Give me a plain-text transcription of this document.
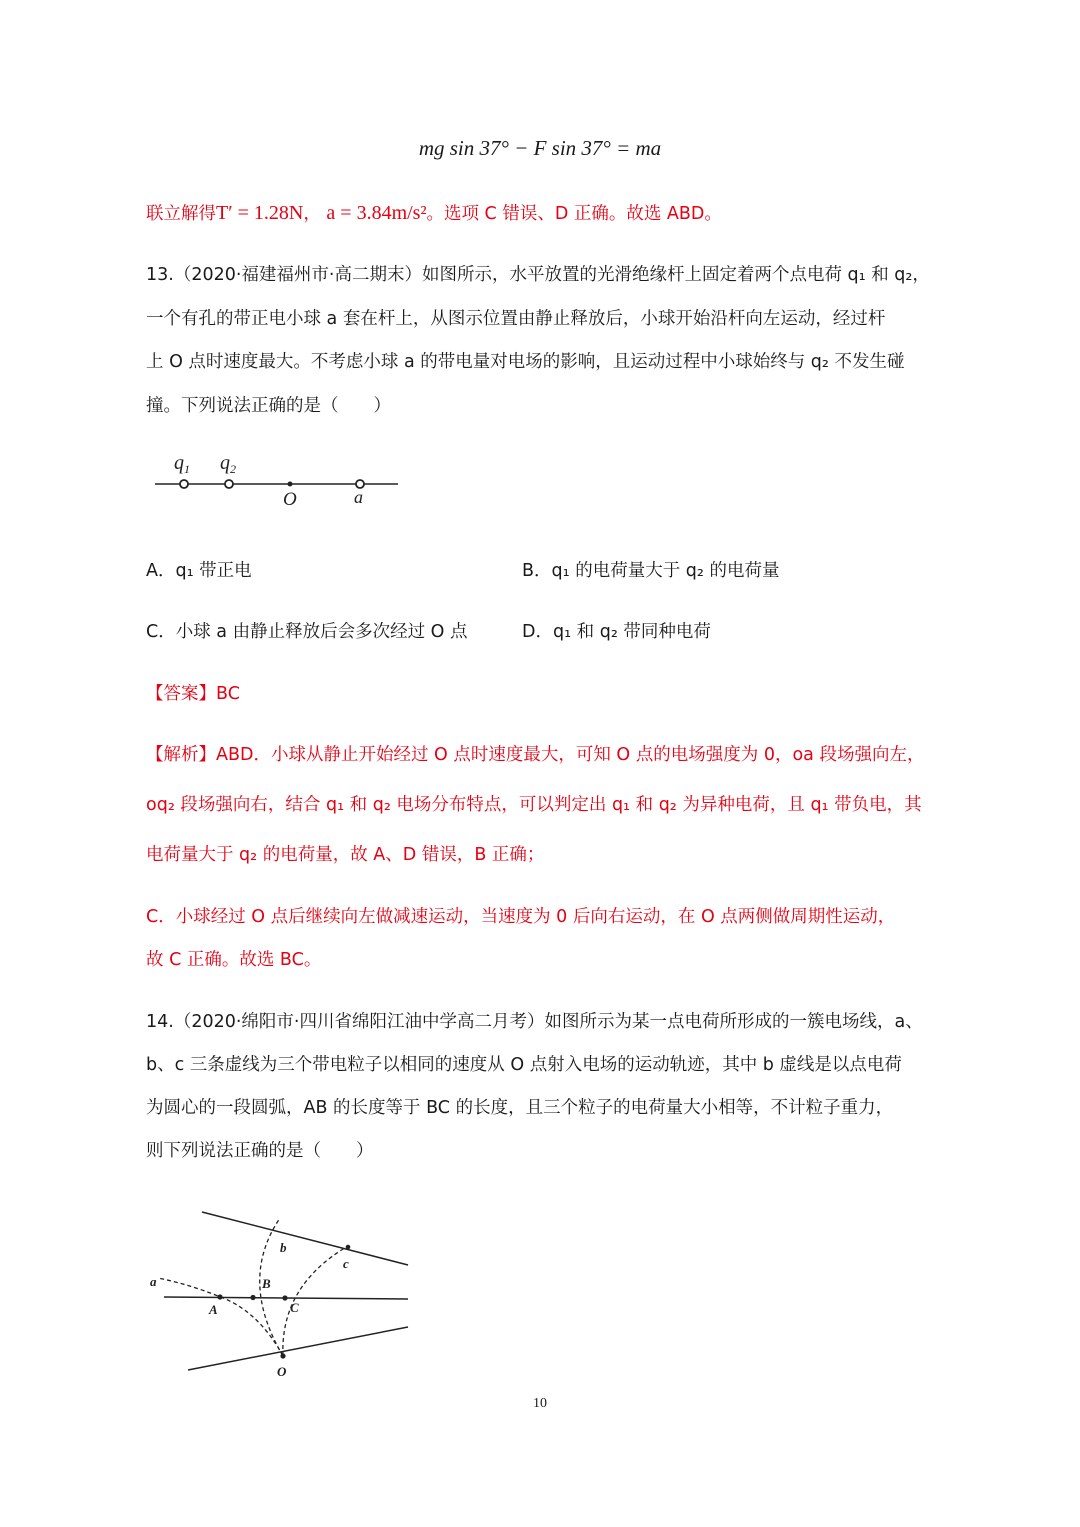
mg sin 37° − F sin 37° = ma
联立解得T′ = 1.28N， a = 3.84m/s²。选项 C 错误、D 正确。故选 ABD。
13.（2020·福建福州市·高二期末）如图所示，水平放置的光滑绝缘杆上固定着两个点电荷 q₁ 和 q₂，
一个有孔的带正电小球 a 套在杆上，从图示位置由静止释放后，小球开始沿杆向左运动，经过杆
上 O 点时速度最大。不考虑小球 a 的带电量对电场的影响，且运动过程中小球始终与 q₂ 不发生碰
撞。下列说法正确的是（　　）
$q_1$ $q_2$
O	a
A．q₁ 带正电	B．q₁ 的电荷量大于 q₂ 的电荷量
C．小球 a 由静止释放后会多次经过 O 点	D．q₁ 和 q₂ 带同种电荷
【答案】BC
【解析】ABD．小球从静止开始经过 O 点时速度最大，可知 O 点的电场强度为 0，oa 段场强向左，
oq₂ 段场强向右，结合 q₁ 和 q₂ 电场分布特点，可以判定出 q₁ 和 q₂ 为异种电荷，且 q₁ 带负电，其
电荷量大于 q₂ 的电荷量，故 A、D 错误，B 正确；
C．小球经过 O 点后继续向左做减速运动，当速度为 0 后向右运动，在 O 点两侧做周期性运动，
故 C 正确。故选 BC。
14.（2020·绵阳市·四川省绵阳江油中学高二月考）如图所示为某一点电荷所形成的一簇电场线，a、
b、c 三条虚线为三个带电粒子以相同的速度从 O 点射入电场的运动轨迹，其中 b 虚线是以点电荷
为圆心的一段圆弧，AB 的长度等于 BC 的长度，且三个粒子的电荷量大小相等，不计粒子重力，
则下列说法正确的是（　　）
a
b
c
A
B
C
O
10
